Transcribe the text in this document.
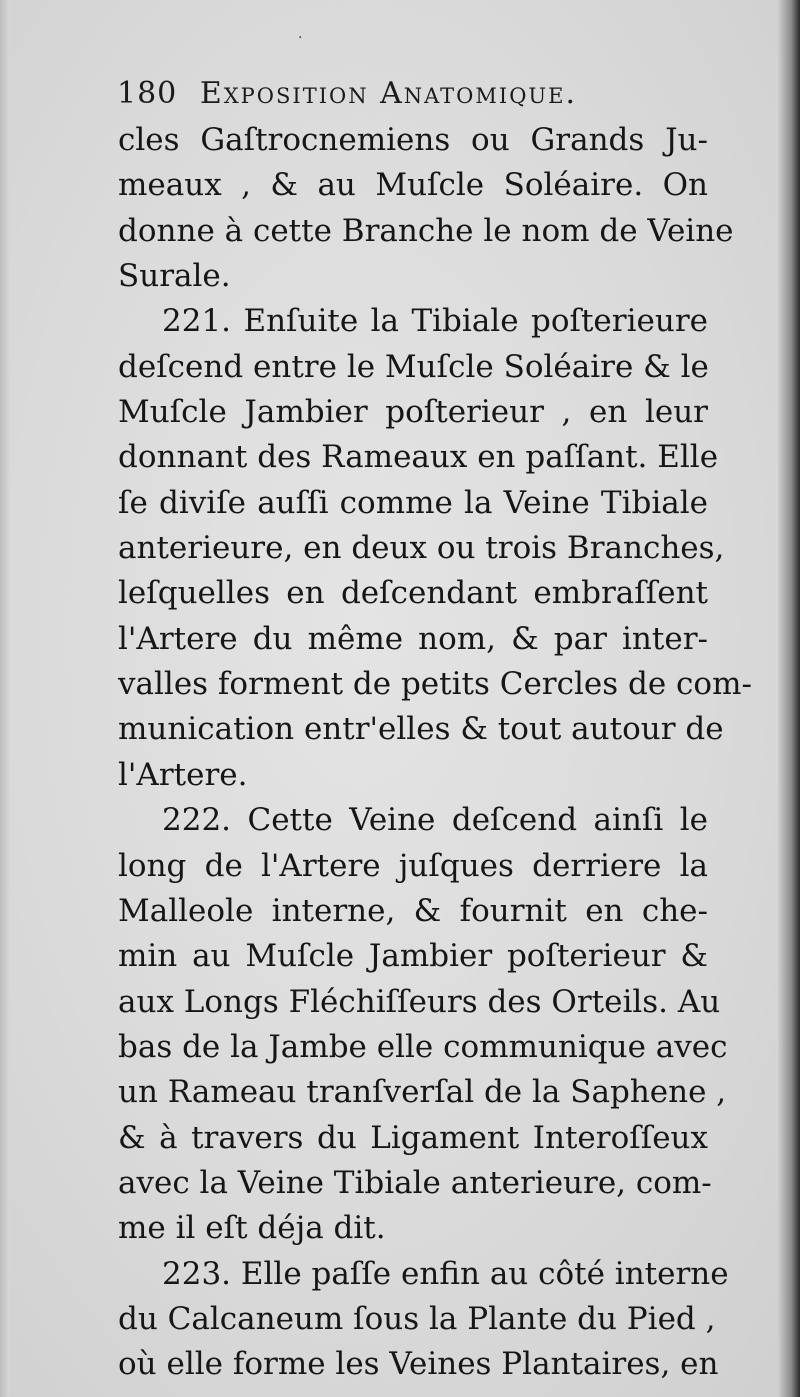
·
180 Exposition Anatomique.
cles Gaſtrocnemiens ou Grands Ju-
meaux , & au Muſcle Soléaire. On
donne à cette Branche le nom de Veine
Surale.
221. Enſuite la Tibiale poſterieure
deſcend entre le Muſcle Soléaire & le
Muſcle Jambier poſterieur , en leur
donnant des Rameaux en paſſant. Elle
ſe diviſe auſſi comme la Veine Tibiale
anterieure, en deux ou trois Branches,
leſquelles en deſcendant embraſſent
l'Artere du même nom, & par inter-
valles forment de petits Cercles de com-
munication entr'elles & tout autour de
l'Artere.
222. Cette Veine deſcend ainſi le
long de l'Artere juſques derriere la
Malleole interne, & fournit en che-
min au Muſcle Jambier poſterieur &
aux Longs Fléchiſſeurs des Orteils. Au
bas de la Jambe elle communique avec
un Rameau tranſverſal de la Saphene ,
& à travers du Ligament Interoſſeux
avec la Veine Tibiale anterieure, com-
me il eſt déja dit.
223. Elle paſſe enfin au côté interne
du Calcaneum ſous la Plante du Pied ,
où elle forme les Veines Plantaires, en
